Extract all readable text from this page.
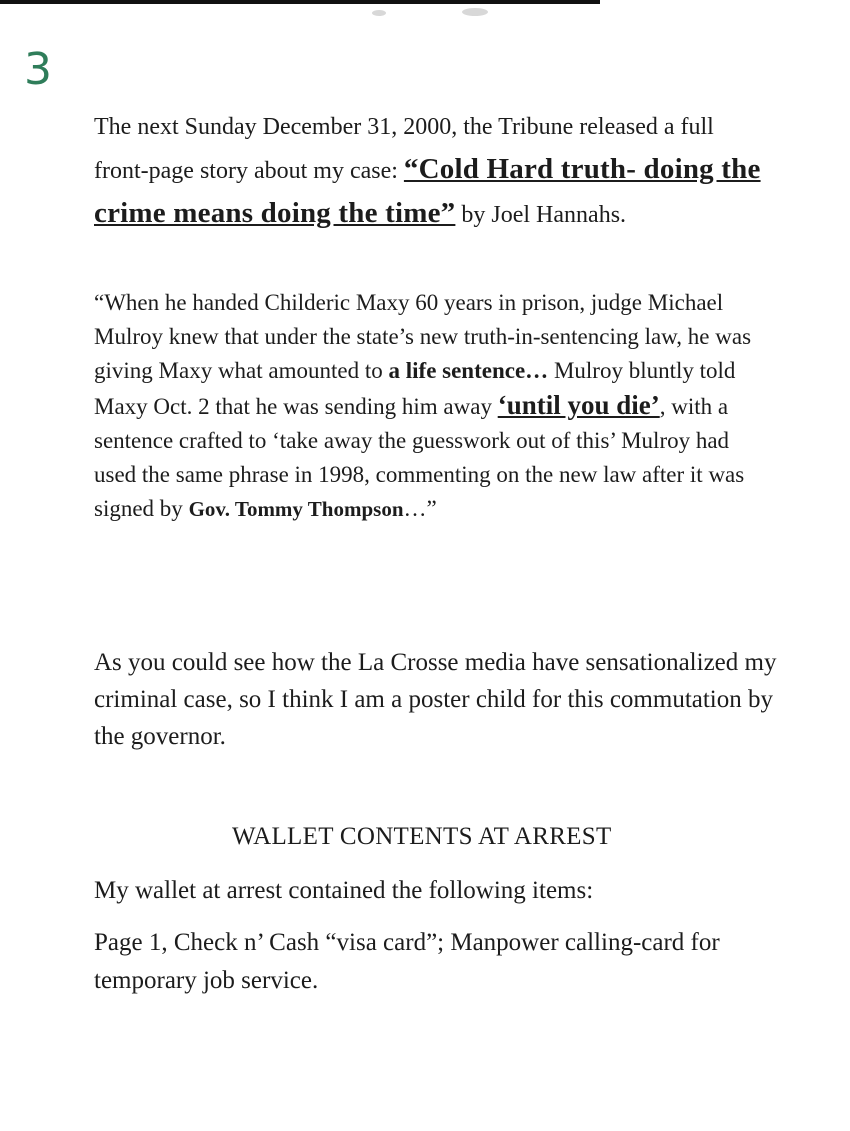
3

The next Sunday December 31, 2000, the Tribune released a full front-page story about my case: “Cold Hard truth- doing the crime means doing the time” by Joel Hannahs.

“When he handed Childeric Maxy 60 years in prison, judge Michael Mulroy knew that under the state’s new truth-in-sentencing law, he was giving Maxy what amounted to a life sentence… Mulroy bluntly told Maxy Oct. 2 that he was sending him away ‘until you die’, with a sentence crafted to ‘take away the guesswork out of this’ Mulroy had used the same phrase in 1998, commenting on the new law after it was signed by Gov. Tommy Thompson…”

As you could see how the La Crosse media have sensationalized my criminal case, so I think I am a poster child for this commutation by the governor.

WALLET CONTENTS AT ARREST

My wallet at arrest contained the following items:

Page 1, Check n’ Cash “visa card”; Manpower calling-card for temporary job service.
